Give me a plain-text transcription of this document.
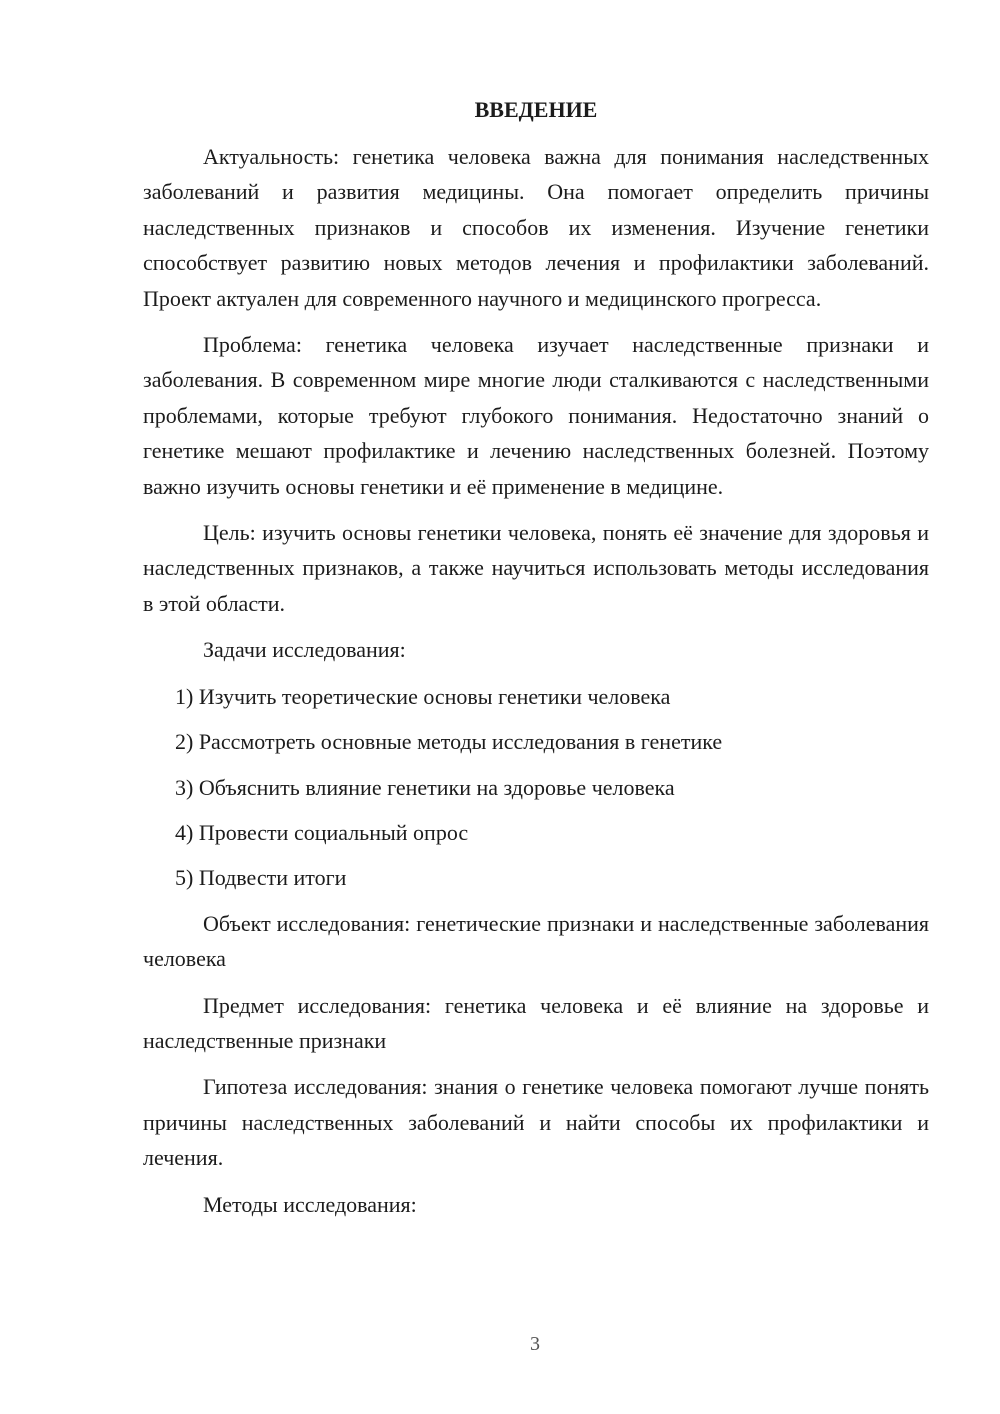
ВВЕДЕНИЕ

Актуальность: генетика человека важна для понимания наследственных заболеваний и развития медицины. Она помогает определить причины наследственных признаков и способов их изменения. Изучение генетики способствует развитию новых методов лечения и профилактики заболеваний. Проект актуален для современного научного и медицинского прогресса.

Проблема: генетика человека изучает наследственные признаки и заболевания. В современном мире многие люди сталкиваются с наследственными проблемами, которые требуют глубокого понимания. Недостаточно знаний о генетике мешают профилактике и лечению наследственных болезней. Поэтому важно изучить основы генетики и её применение в медицине.

Цель: изучить основы генетики человека, понять её значение для здоровья и наследственных признаков, а также научиться использовать методы исследования в этой области.

Задачи исследования:

1) Изучить теоретические основы генетики человека

2) Рассмотреть основные методы исследования в генетике

3) Объяснить влияние генетики на здоровье человека

4) Провести социальный опрос

5) Подвести итоги

Объект исследования: генетические признаки и наследственные заболевания человека

Предмет исследования: генетика человека и её влияние на здоровье и наследственные признаки

Гипотеза исследования: знания о генетике человека помогают лучше понять причины наследственных заболеваний и найти способы их профилактики и лечения.

Методы исследования:

3
